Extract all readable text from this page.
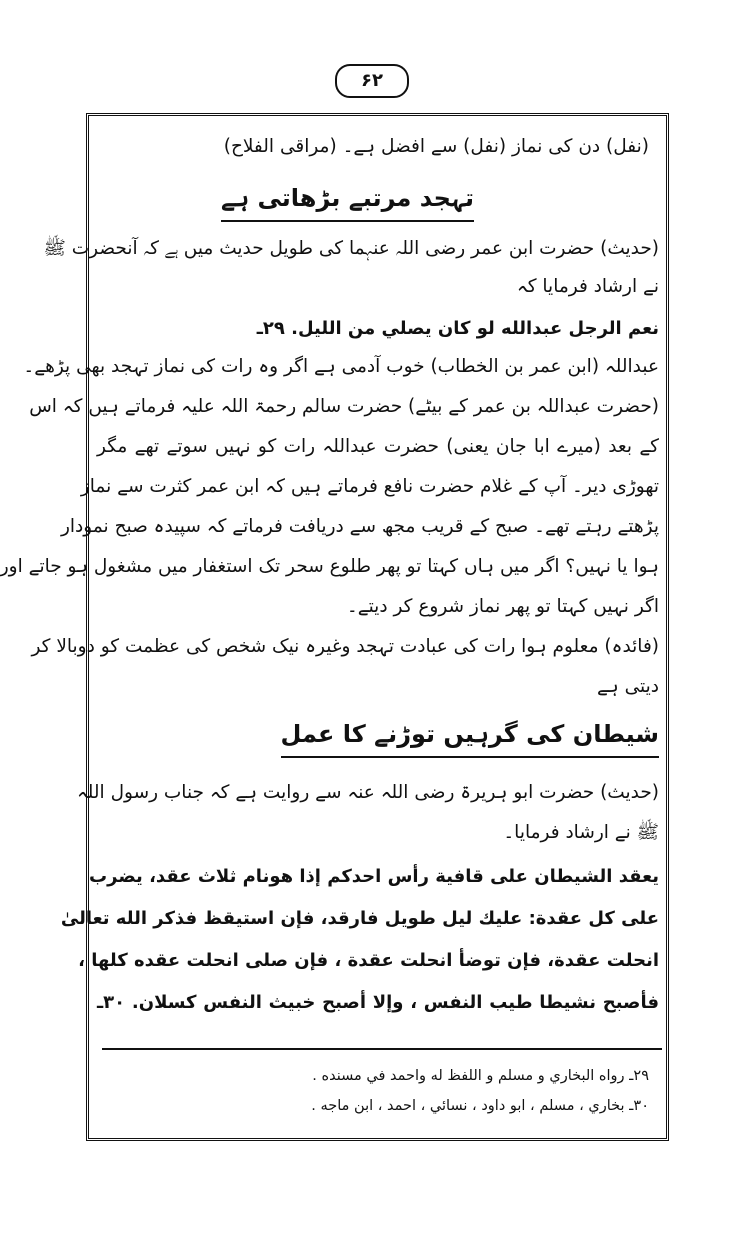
۶۲
(نفل) دن کی نماز (نفل) سے افضل ہے۔ (مراقی الفلاح)
تہجد مرتبے بڑھاتی ہے
(حدیث) حضرت ابن عمر رضی اللہ عنہما کی طویل حدیث میں ہے کہ آنحضرت ﷺ
نے ارشاد فرمایا کہ
نعم الرجل عبدالله لو كان يصلي من الليل. ٢٩ـ
عبداللہ (ابن عمر بن الخطاب) خوب آدمی ہے اگر وہ رات کی نماز تہجد بھی پڑھے۔
(حضرت عبداللہ بن عمر کے بیٹے) حضرت سالم رحمۃ اللہ علیہ فرماتے ہیں کہ اس
کے بعد (میرے ابا جان یعنی) حضرت عبداللہ رات کو نہیں سوتے تھے مگر
تھوڑی دیر۔ آپ کے غلام حضرت نافع فرماتے ہیں کہ ابن عمر کثرت سے نماز
پڑھتے رہتے تھے۔ صبح کے قریب مجھ سے دریافت فرماتے کہ سپیدہ صبح نمودار
ہوا یا نہیں؟ اگر میں ہاں کہتا تو پھر طلوع سحر تک استغفار میں مشغول ہو جاتے اور
اگر نہیں کہتا تو پھر نماز شروع کر دیتے۔
(فائدہ) معلوم ہوا رات کی عبادت تہجد وغیرہ نیک شخص کی عظمت کو دوبالا کر
دیتی ہے
شیطان کی گرہیں توڑنے کا عمل
(حدیث) حضرت ابو ہریرۃ رضی اللہ عنہ سے روایت ہے کہ جناب رسول اللہ
ﷺ نے ارشاد فرمایا۔
يعقد الشيطان على قافية رأس احدكم إذا هونام ثلاث عقد، يضرب
على كل عقدة: عليك ليل طويل فارقد، فإن استيقظ فذكر الله تعالىٰ
انحلت عقدة، فإن توضأ انحلت عقدة ، فإن صلى انحلت عقده كلها ،
فأصبح نشيطا طيب النفس ، وإلا أصبح خبيث النفس كسلان. ٣٠ـ
٢٩ـ رواه البخاري و مسلم و اللفظ له واحمد في مسنده .
٣٠ـ بخاري ، مسلم ، ابو داود ، نسائي ، احمد ، ابن ماجه .
